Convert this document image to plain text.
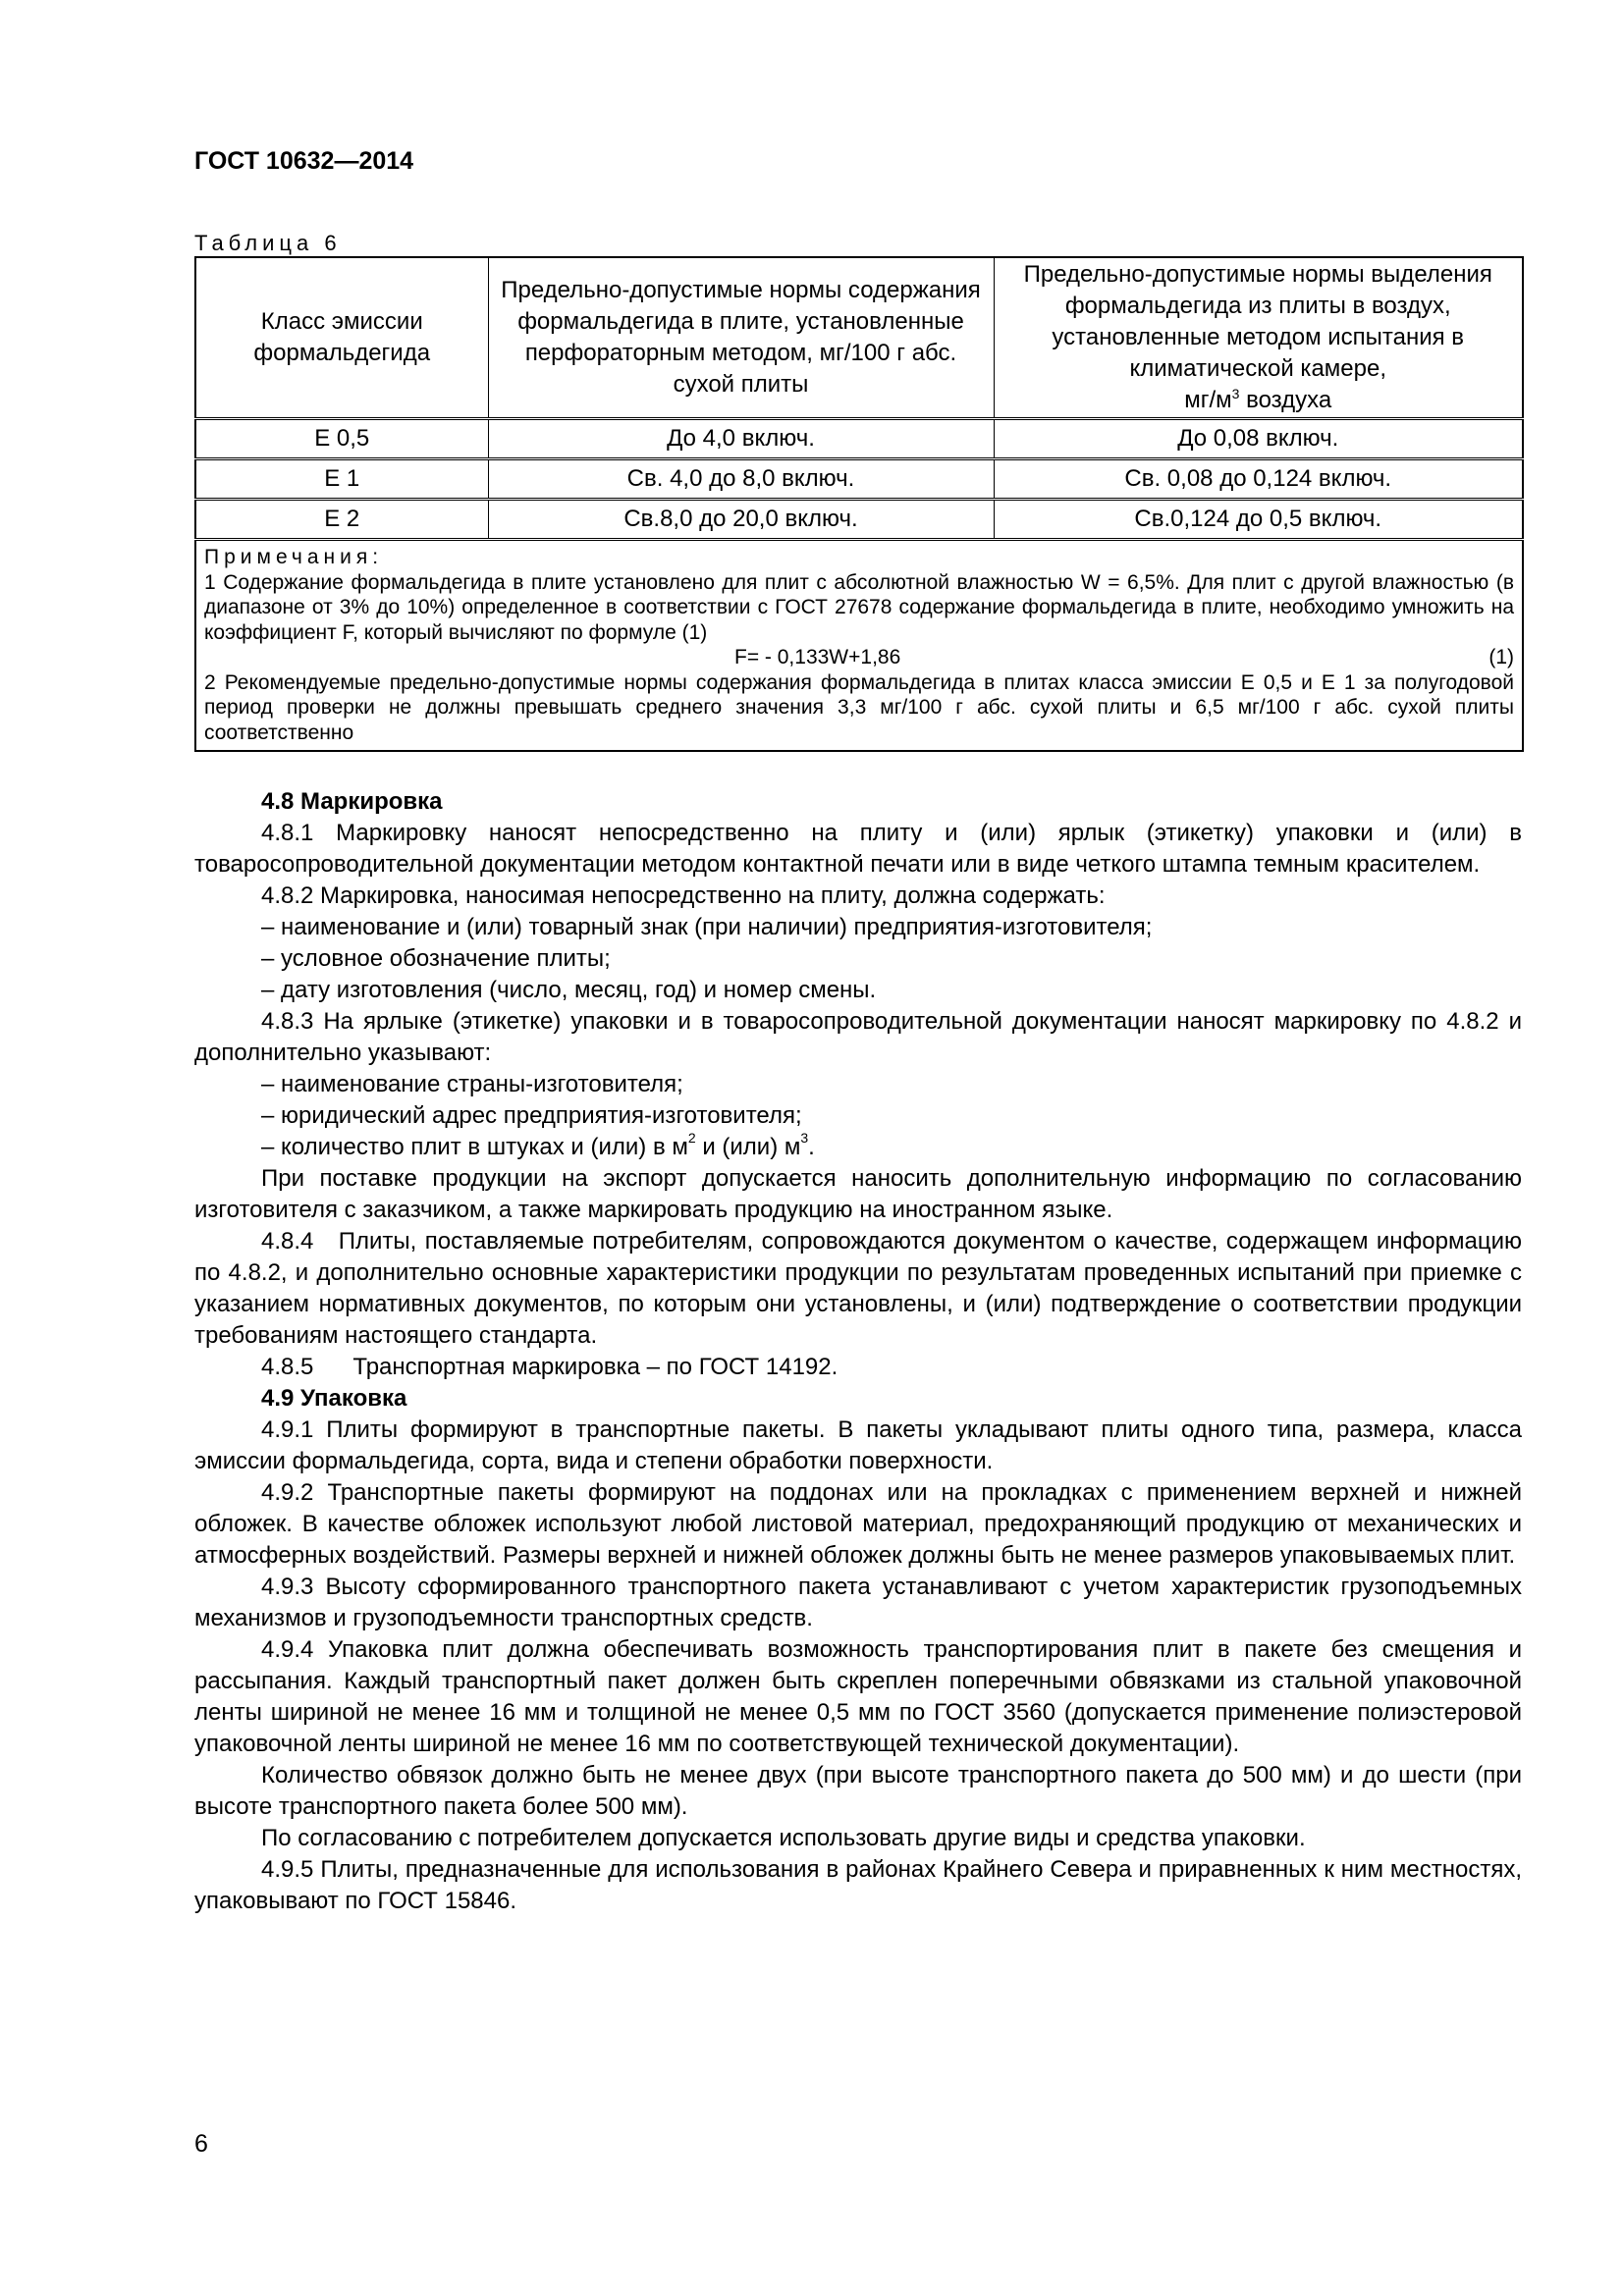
ГОСТ 10632—2014
Таблица 6
Класс эмиссии формальдегида	Предельно-допустимые нормы содержания формальдегида в плите, установленные перфораторным методом, мг/100 г абс. сухой плиты	Предельно-допустимые нормы выделения формальдегида из плиты в воздух, установленные методом испытания в климатической камере,
$мг/м^3$ воздуха
Е 0,5	До 4,0 включ.	До 0,08 включ.
Е 1	Св. 4,0 до 8,0 включ.	Св. 0,08 до 0,124 включ.
Е 2	Св.8,0 до 20,0 включ.	Св.0,124 до 0,5 включ.

Примечания:

1 Содержание формальдегида в плите установлено для плит с абсолютной влажностью W = 6,5%. Для плит с другой влажностью (в диапазоне от 3% до 10%) определенное в соответствии с ГОСТ 27678 содержание формальдегида в плите, необходимо умножить на коэффициент F, который вычисляют по формуле (1)

F= - 0,133W+1,86 (1)

2 Рекомендуемые предельно-допустимые нормы содержания формальдегида в плитах класса эмиссии Е 0,5 и Е 1 за полугодовой период проверки не должны превышать среднего значения 3,3 мг/100 г абс. сухой плиты и 6,5 мг/100 г абс. сухой плиты соответственно		

4.8 Маркировка

4.8.1 Маркировку наносят непосредственно на плиту и (или) ярлык (этикетку) упаковки и (или) в товаросопроводительной документации методом контактной печати или в виде четкого штампа темным красителем.

4.8.2 Маркировка, наносимая непосредственно на плиту, должна содержать:

– наименование и (или) товарный знак (при наличии) предприятия-изготовителя;

– условное обозначение плиты;

– дату изготовления (число, месяц, год) и номер смены.

4.8.3 На ярлыке (этикетке) упаковки и в товаросопроводительной документации наносят маркировку по 4.8.2 и дополнительно указывают:

– наименование страны-изготовителя;

– юридический адрес предприятия-изготовителя;

– количество плит в штуках и (или) в $м^2$ и (или) $м^3$.

При поставке продукции на экспорт допускается наносить дополнительную информацию по согласованию изготовителя с заказчиком, а также маркировать продукцию на иностранном языке.

4.8.4   Плиты, поставляемые потребителям, сопровождаются документом о качестве, содержащем информацию по 4.8.2, и дополнительно основные характеристики продукции по результатам проведенных испытаний при приемке с указанием нормативных документов, по которым они установлены, и (или) подтверждение о соответствии продукции требованиям настоящего стандарта.

4.8.5      Транспортная маркировка – по ГОСТ 14192.

4.9 Упаковка

4.9.1 Плиты формируют в транспортные пакеты. В пакеты укладывают плиты одного типа, размера, класса эмиссии формальдегида, сорта, вида и степени обработки поверхности.

4.9.2 Транспортные пакеты формируют на поддонах или на прокладках с применением верхней и нижней обложек. В качестве обложек используют любой листовой материал, предохраняющий продукцию от механических и атмосферных воздействий. Размеры верхней и нижней обложек должны быть не менее размеров упаковываемых плит.

4.9.3 Высоту сформированного транспортного пакета устанавливают с учетом характеристик грузоподъемных механизмов и грузоподъемности транспортных средств.

4.9.4 Упаковка плит должна обеспечивать возможность транспортирования плит в пакете без смещения и рассыпания. Каждый транспортный пакет должен быть скреплен поперечными обвязками из стальной упаковочной ленты шириной не менее 16 мм и толщиной не менее 0,5 мм по ГОСТ 3560 (допускается применение полиэстеровой упаковочной ленты шириной не менее 16 мм по соответствующей технической документации).

Количество обвязок должно быть не менее двух (при высоте транспортного пакета до 500 мм) и до шести (при высоте транспортного пакета более 500 мм).

По согласованию с потребителем допускается использовать другие виды и средства упаковки.

4.9.5 Плиты, предназначенные для использования в районах Крайнего Севера и приравненных к ним местностях, упаковывают по ГОСТ 15846.

6
